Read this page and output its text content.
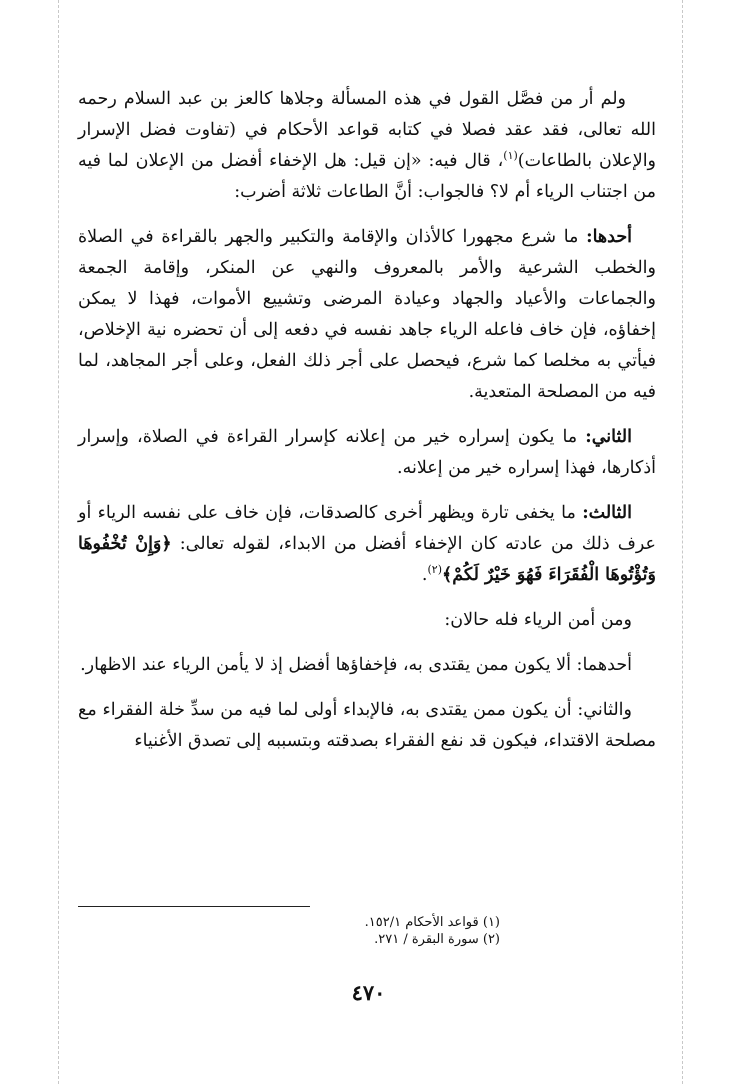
ولم أر من فصَّل القول في هذه المسألة وجلاها كالعز بن عبد السلام رحمه الله تعالى، فقد عقد فصلا في كتابه قواعد الأحكام في (تفاوت فضل الإسرار والإعلان بالطاعات)$^{(١)}$، قال فيه: «إن قيل: هل الإخفاء أفضل من الإعلان لما فيه من اجتناب الرياء أم لا؟ فالجواب: أنَّ الطاعات ثلاثة أضرب:

أحدها: ما شرع مجهورا كالأذان والإقامة والتكبير والجهر بالقراءة في الصلاة والخطب الشرعية والأمر بالمعروف والنهي عن المنكر، وإقامة الجمعة والجماعات والأعياد والجهاد وعيادة المرضى وتشييع الأموات، فهذا لا يمكن إخفاؤه، فإن خاف فاعله الرياء جاهد نفسه في دفعه إلى أن تحضره نية الإخلاص، فيأتي به مخلصا كما شرع، فيحصل على أجر ذلك الفعل، وعلى أجر المجاهد، لما فيه من المصلحة المتعدية.

الثاني: ما يكون إسراره خير من إعلانه كإسرار القراءة في الصلاة، وإسرار أذكارها، فهذا إسراره خير من إعلانه.

الثالث: ما يخفى تارة ويظهر أخرى كالصدقات، فإن خاف على نفسه الرياء أو عرف ذلك من عادته كان الإخفاء أفضل من الابداء، لقوله تعالى: ﴿وَإِنْ تُخْفُوهَا وَتُؤْتُوهَا الْفُقَرَاءَ فَهُوَ خَيْرٌ لَكُمْ﴾$^{(٢)}$.

ومن أمن الرياء فله حالان:

أحدهما: ألا يكون ممن يقتدى به، فإخفاؤها أفضل إذ لا يأمن الرياء عند الاظهار.

والثاني: أن يكون ممن يقتدى به، فالإبداء أولى لما فيه من سدِّ خلة الفقراء مع مصلحة الاقتداء، فيكون قد نفع الفقراء بصدقته وبتسببه إلى تصدق الأغنياء

(١) قواعد الأحكام ١٥٢/١.
(٢) سورة البقرة / ٢٧١.
٤٧٠
